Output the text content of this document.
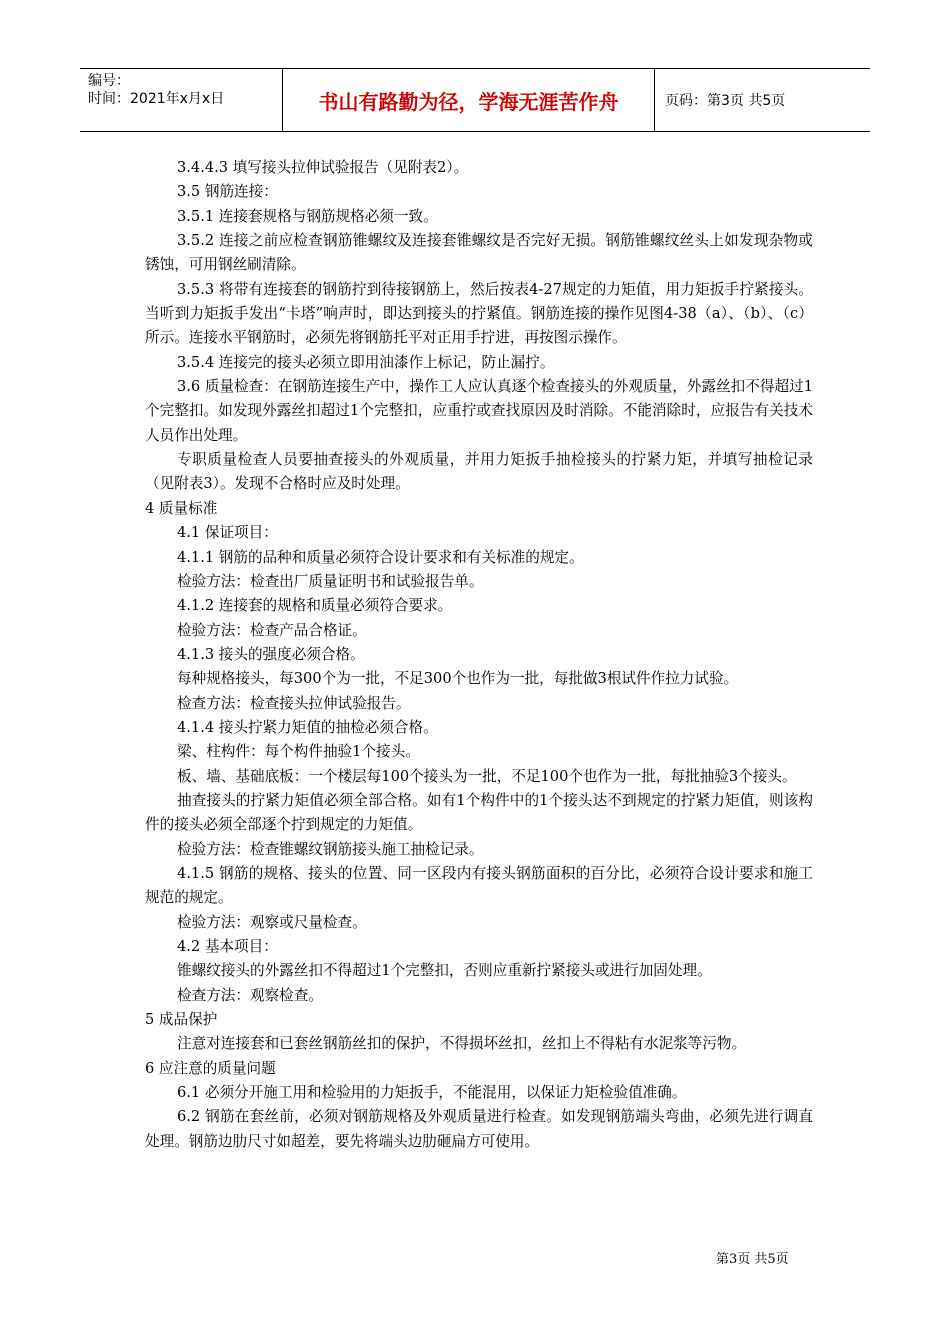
编号：
时间：2021年x月x日	书山有路勤为径，学海无涯苦作舟	页码：第3页 共5页

3.4.4.3 填写接头拉伸试验报告（见附表2）。

3.5 钢筋连接：

3.5.1 连接套规格与钢筋规格必须一致。

3.5.2 连接之前应检查钢筋锥螺纹及连接套锥螺纹是否完好无损。钢筋锥螺纹丝头上如发现杂物或锈蚀，可用钢丝刷清除。

3.5.3 将带有连接套的钢筋拧到待接钢筋上，然后按表4-27规定的力矩值，用力矩扳手拧紧接头。当听到力矩扳手发出“卡塔”响声时，即达到接头的拧紧值。钢筋连接的操作见图4-38（a）、（b）、（c）所示。连接水平钢筋时，必须先将钢筋托平对正用手拧进，再按图示操作。

3.5.4 连接完的接头必须立即用油漆作上标记，防止漏拧。

3.6 质量检查：在钢筋连接生产中，操作工人应认真逐个检查接头的外观质量，外露丝扣不得超过1个完整扣。如发现外露丝扣超过1个完整扣，应重拧或查找原因及时消除。不能消除时，应报告有关技术人员作出处理。

专职质量检查人员要抽查接头的外观质量，并用力矩扳手抽检接头的拧紧力矩，并填写抽检记录（见附表3）。发现不合格时应及时处理。

4 质量标准

4.1 保证项目：

4.1.1 钢筋的品种和质量必须符合设计要求和有关标准的规定。

检验方法：检查出厂质量证明书和试验报告单。

4.1.2 连接套的规格和质量必须符合要求。

检验方法：检查产品合格证。

4.1.3 接头的强度必须合格。

每种规格接头，每300个为一批，不足300个也作为一批，每批做3根试件作拉力试验。

检查方法：检查接头拉伸试验报告。

4.1.4 接头拧紧力矩值的抽检必须合格。

梁、柱构件：每个构件抽验1个接头。

板、墙、基础底板：一个楼层每100个接头为一批，不足100个也作为一批，每批抽验3个接头。

抽查接头的拧紧力矩值必须全部合格。如有1个构件中的1个接头达不到规定的拧紧力矩值，则该构件的接头必须全部逐个拧到规定的力矩值。

检验方法：检查锥螺纹钢筋接头施工抽检记录。

4.1.5 钢筋的规格、接头的位置、同一区段内有接头钢筋面积的百分比，必须符合设计要求和施工规范的规定。

检验方法：观察或尺量检查。

4.2 基本项目：

锥螺纹接头的外露丝扣不得超过1个完整扣，否则应重新拧紧接头或进行加固处理。

检查方法：观察检查。

5 成品保护

注意对连接套和已套丝钢筋丝扣的保护，不得损坏丝扣，丝扣上不得粘有水泥浆等污物。

6 应注意的质量问题

6.1 必须分开施工用和检验用的力矩扳手，不能混用，以保证力矩检验值准确。

6.2 钢筋在套丝前，必须对钢筋规格及外观质量进行检查。如发现钢筋端头弯曲，必须先进行调直处理。钢筋边肋尺寸如超差，要先将端头边肋砸扁方可使用。

第3页 共5页
